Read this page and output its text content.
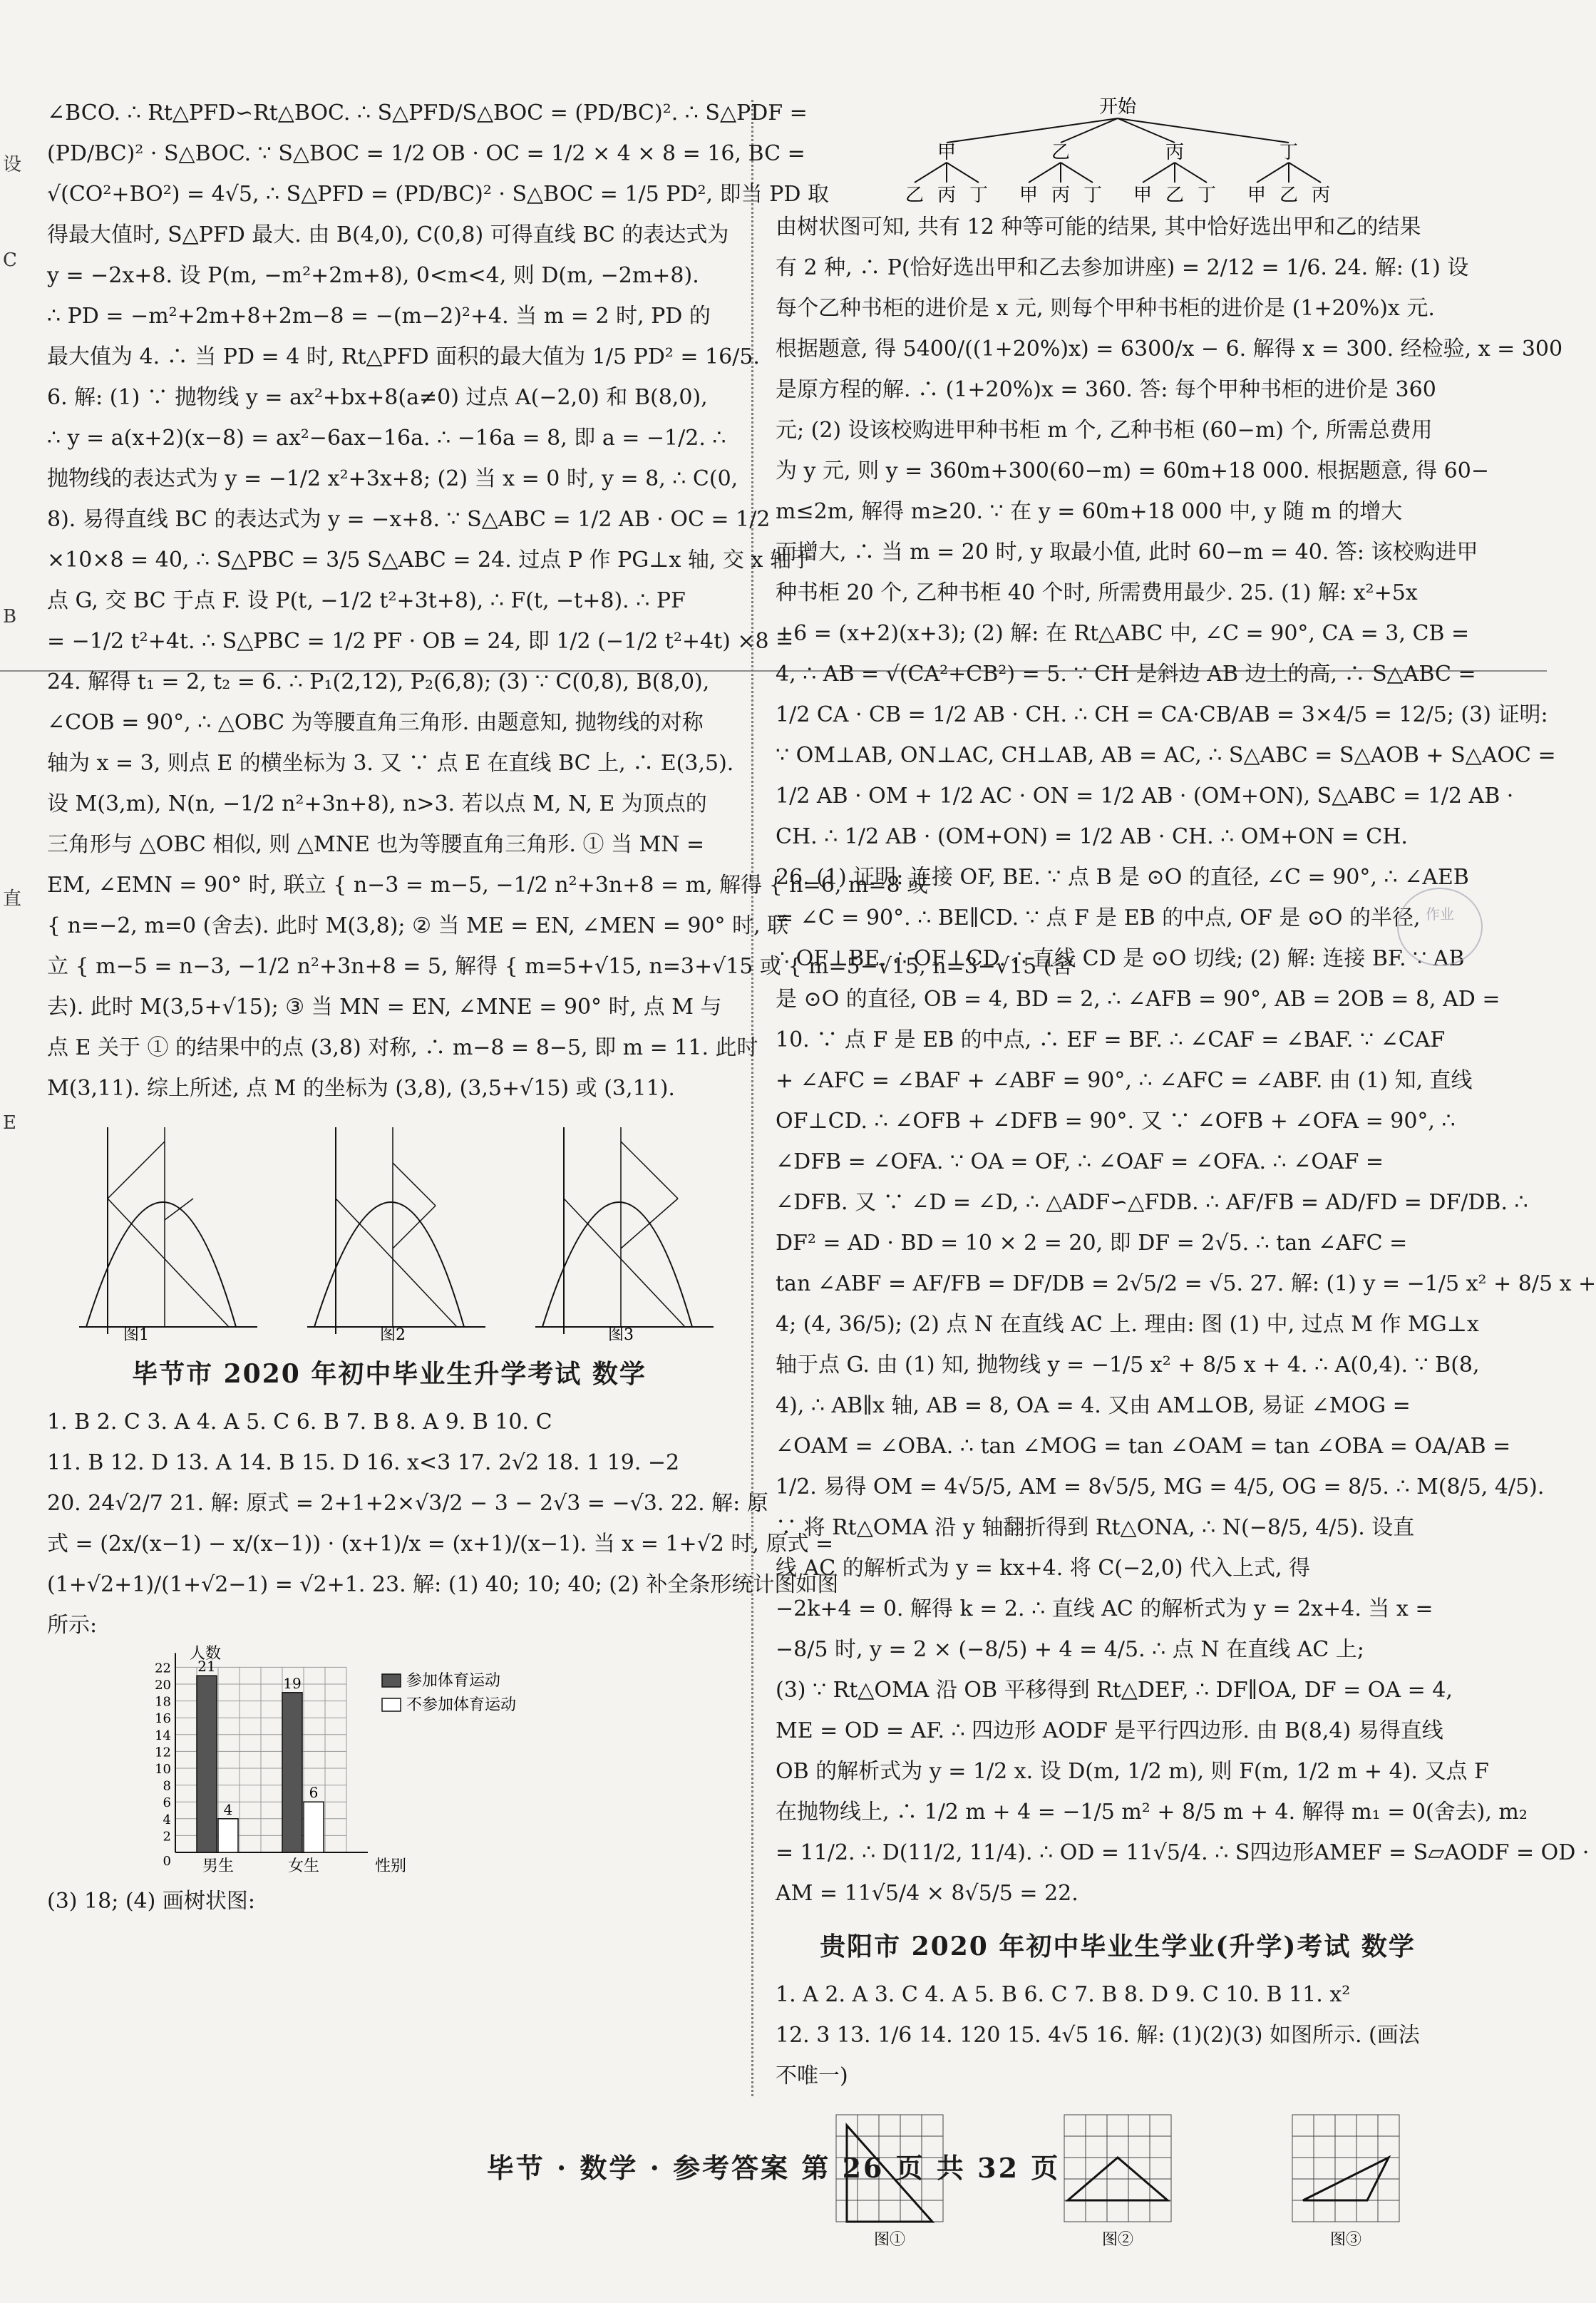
设
C
B
直
E

∠BCO. ∴ Rt△PFD∽Rt△BOC. ∴ S△PFD/S△BOC = (PD/BC)². ∴ S△PDF =

(PD/BC)² · S△BOC. ∵ S△BOC = 1/2 OB · OC = 1/2 × 4 × 8 = 16, BC =

√(CO²+BO²) = 4√5, ∴ S△PFD = (PD/BC)² · S△BOC = 1/5 PD², 即当 PD 取

得最大值时, S△PFD 最大. 由 B(4,0), C(0,8) 可得直线 BC 的表达式为

y = −2x+8. 设 P(m, −m²+2m+8), 0<m<4, 则 D(m, −2m+8).

∴ PD = −m²+2m+8+2m−8 = −(m−2)²+4. 当 m = 2 时, PD 的

最大值为 4. ∴ 当 PD = 4 时, Rt△PFD 面积的最大值为 1/5 PD² = 16/5.

6. 解: (1) ∵ 抛物线 y = ax²+bx+8(a≠0) 过点 A(−2,0) 和 B(8,0),

∴ y = a(x+2)(x−8) = ax²−6ax−16a. ∴ −16a = 8, 即 a = −1/2. ∴

抛物线的表达式为 y = −1/2 x²+3x+8; (2) 当 x = 0 时, y = 8, ∴ C(0,

8). 易得直线 BC 的表达式为 y = −x+8. ∵ S△ABC = 1/2 AB · OC = 1/2

×10×8 = 40, ∴ S△PBC = 3/5 S△ABC = 24. 过点 P 作 PG⊥x 轴, 交 x 轴于

点 G, 交 BC 于点 F. 设 P(t, −1/2 t²+3t+8), ∴ F(t, −t+8). ∴ PF

= −1/2 t²+4t. ∴ S△PBC = 1/2 PF · OB = 24, 即 1/2 (−1/2 t²+4t) ×8 =

24. 解得 t₁ = 2, t₂ = 6. ∴ P₁(2,12), P₂(6,8); (3) ∵ C(0,8), B(8,0),

∠COB = 90°, ∴ △OBC 为等腰直角三角形. 由题意知, 抛物线的对称

轴为 x = 3, 则点 E 的横坐标为 3. 又 ∵ 点 E 在直线 BC 上, ∴ E(3,5).

设 M(3,m), N(n, −1/2 n²+3n+8), n>3. 若以点 M, N, E 为顶点的

三角形与 △OBC 相似, 则 △MNE 也为等腰直角三角形. ① 当 MN =

EM, ∠EMN = 90° 时, 联立 { n−3 = m−5, −1/2 n²+3n+8 = m, 解得 { n=6, m=8 或

{ n=−2, m=0 (舍去). 此时 M(3,8); ② 当 ME = EN, ∠MEN = 90° 时, 联

立 { m−5 = n−3, −1/2 n²+3n+8 = 5, 解得 { m=5+√15, n=3+√15 或 { m=5−√15, n=3−√15 (舍

去). 此时 M(3,5+√15); ③ 当 MN = EN, ∠MNE = 90° 时, 点 M 与

点 E 关于 ① 的结果中的点 (3,8) 对称, ∴ m−8 = 8−5, 即 m = 11. 此时

M(3,11). 综上所述, 点 M 的坐标为 (3,8), (3,5+√15) 或 (3,11).

图1	图2	图3
毕节市 2020 年初中毕业生升学考试 数学

1. B 2. C 3. A 4. A 5. C 6. B 7. B 8. A 9. B 10. C

11. B 12. D 13. A 14. B 15. D 16. x<3 17. 2√2 18. 1 19. −2

20. 24√2/7 21. 解: 原式 = 2+1+2×√3/2 − 3 − 2√3 = −√3. 22. 解: 原

式 = (2x/(x−1) − x/(x−1)) · (x+1)/x = (x+1)/(x−1). 当 x = 1+√2 时, 原式 =

(1+√2+1)/(1+√2−1) = √2+1. 23. 解: (1) 40; 10; 40; (2) 补全条形统计图如图

所示:

2
4
6
8
10
12
14
16
18
20
22
0
人数
性别
21
4
男生
19
6
女生
参加体育运动
不参加体育运动

(3) 18; (4) 画树状图:

开始
甲
乙 丙 丁
乙
甲 丙 丁
丙
甲 乙 丁
丁
甲 乙 丙

由树状图可知, 共有 12 种等可能的结果, 其中恰好选出甲和乙的结果

有 2 种, ∴ P(恰好选出甲和乙去参加讲座) = 2/12 = 1/6. 24. 解: (1) 设

每个乙种书柜的进价是 x 元, 则每个甲种书柜的进价是 (1+20%)x 元.

根据题意, 得 5400/((1+20%)x) = 6300/x − 6. 解得 x = 300. 经检验, x = 300

是原方程的解. ∴ (1+20%)x = 360. 答: 每个甲种书柜的进价是 360

元; (2) 设该校购进甲种书柜 m 个, 乙种书柜 (60−m) 个, 所需总费用

为 y 元, 则 y = 360m+300(60−m) = 60m+18 000. 根据题意, 得 60−

m≤2m, 解得 m≥20. ∵ 在 y = 60m+18 000 中, y 随 m 的增大

而增大, ∴ 当 m = 20 时, y 取最小值, 此时 60−m = 40. 答: 该校购进甲

种书柜 20 个, 乙种书柜 40 个时, 所需费用最少. 25. (1) 解: x²+5x

+6 = (x+2)(x+3); (2) 解: 在 Rt△ABC 中, ∠C = 90°, CA = 3, CB =

4, ∴ AB = √(CA²+CB²) = 5. ∵ CH 是斜边 AB 边上的高, ∴ S△ABC =

1/2 CA · CB = 1/2 AB · CH. ∴ CH = CA·CB/AB = 3×4/5 = 12/5; (3) 证明:

∵ OM⊥AB, ON⊥AC, CH⊥AB, AB = AC, ∴ S△ABC = S△AOB + S△AOC =

1/2 AB · OM + 1/2 AC · ON = 1/2 AB · (OM+ON), S△ABC = 1/2 AB ·

CH. ∴ 1/2 AB · (OM+ON) = 1/2 AB · CH. ∴ OM+ON = CH.

26. (1) 证明: 连接 OF, BE. ∵ 点 B 是 ⊙O 的直径, ∠C = 90°, ∴ ∠AEB

= ∠C = 90°. ∴ BE∥CD. ∵ 点 F 是 EB 的中点, OF 是 ⊙O 的半径,

∴ OF⊥BE. ∴ OF⊥CD. ∴ 直线 CD 是 ⊙O 切线; (2) 解: 连接 BF. ∵ AB

是 ⊙O 的直径, OB = 4, BD = 2, ∴ ∠AFB = 90°, AB = 2OB = 8, AD =

10. ∵ 点 F 是 EB 的中点, ∴ EF = BF. ∴ ∠CAF = ∠BAF. ∵ ∠CAF

+ ∠AFC = ∠BAF + ∠ABF = 90°, ∴ ∠AFC = ∠ABF. 由 (1) 知, 直线

OF⊥CD. ∴ ∠OFB + ∠DFB = 90°. 又 ∵ ∠OFB + ∠OFA = 90°, ∴

∠DFB = ∠OFA. ∵ OA = OF, ∴ ∠OAF = ∠OFA. ∴ ∠OAF =

∠DFB. 又 ∵ ∠D = ∠D, ∴ △ADF∽△FDB. ∴ AF/FB = AD/FD = DF/DB. ∴

DF² = AD · BD = 10 × 2 = 20, 即 DF = 2√5. ∴ tan ∠AFC =

tan ∠ABF = AF/FB = DF/DB = 2√5/2 = √5. 27. 解: (1) y = −1/5 x² + 8/5 x +

4; (4, 36/5); (2) 点 N 在直线 AC 上. 理由: 图 (1) 中, 过点 M 作 MG⊥x

轴于点 G. 由 (1) 知, 抛物线 y = −1/5 x² + 8/5 x + 4. ∴ A(0,4). ∵ B(8,

4), ∴ AB∥x 轴, AB = 8, OA = 4. 又由 AM⊥OB, 易证 ∠MOG =

∠OAM = ∠OBA. ∴ tan ∠MOG = tan ∠OAM = tan ∠OBA = OA/AB =

1/2. 易得 OM = 4√5/5, AM = 8√5/5, MG = 4/5, OG = 8/5. ∴ M(8/5, 4/5).

∵ 将 Rt△OMA 沿 y 轴翻折得到 Rt△ONA, ∴ N(−8/5, 4/5). 设直

线 AC 的解析式为 y = kx+4. 将 C(−2,0) 代入上式, 得

−2k+4 = 0. 解得 k = 2. ∴ 直线 AC 的解析式为 y = 2x+4. 当 x =

−8/5 时, y = 2 × (−8/5) + 4 = 4/5. ∴ 点 N 在直线 AC 上;

(3) ∵ Rt△OMA 沿 OB 平移得到 Rt△DEF, ∴ DF∥OA, DF = OA = 4,

ME = OD = AF. ∴ 四边形 AODF 是平行四边形. 由 B(8,4) 易得直线

OB 的解析式为 y = 1/2 x. 设 D(m, 1/2 m), 则 F(m, 1/2 m + 4). 又点 F

在抛物线上, ∴ 1/2 m + 4 = −1/5 m² + 8/5 m + 4. 解得 m₁ = 0(舍去), m₂

= 11/2. ∴ D(11/2, 11/4). ∴ OD = 11√5/4. ∴ S四边形AMEF = S▱AODF = OD ·

AM = 11√5/4 × 8√5/5 = 22.

贵阳市 2020 年初中毕业生学业(升学)考试 数学

1. A 2. A 3. C 4. A 5. B 6. C 7. B 8. D 9. C 10. B 11. x²

12. 3 13. 1/6 14. 120 15. 4√5 16. 解: (1)(2)(3) 如图所示. (画法

不唯一)

图①	图②	图③
作业
毕节 · 数学 · 参考答案 第 26 页 共 32 页
